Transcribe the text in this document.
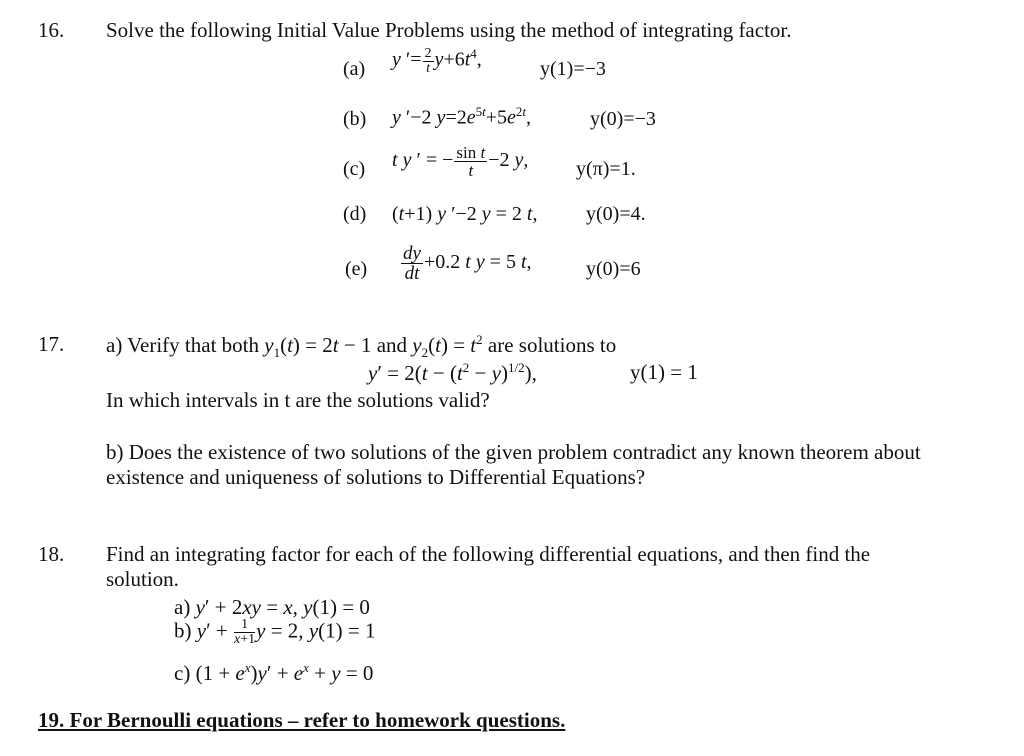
16. Solve the following Initial Value Problems using the method of integrating factor.
(a) y ′= $\frac{2}{t} y+6t^4$,	y(1)=−3
(b) y ′−2 $y=2e^{5t}+5e^{2t}$,	y(0)=−3
(c) t y ′ = − $\frac{\text{sin t}}{t} -2$ y, y(π)=1.
(d) (t+1) y ′−2 y = 2 t, y(0)=4.
$(e) \frac{dy}{dt} +0.2$ t y = 5 t,	y(0)=6
17. a) Verify that both $y_1(t) = 2t - 1$ and $y_2(t) = t^2$ are solutions to
$y' = 2(t - (t^2 - y)^{1/2})$,	y(1) = 1
In which intervals in t are the solutions valid?
b) Does the existence of two solutions of the given problem contradict any known theorem about
existence and uniqueness of solutions to Differential Equations?
18. Find an integrating factor for each of the following differential equations, and then find the
solution.
a) y′ + 2xy = x, y(1) = 0
b) $y' + \frac{1}{x+1}$ y = 2, y(1) = 1
c) $(1 + e^x)y' + e^x + y = 0$
19. For Bernoulli equations – refer to homework questions.
